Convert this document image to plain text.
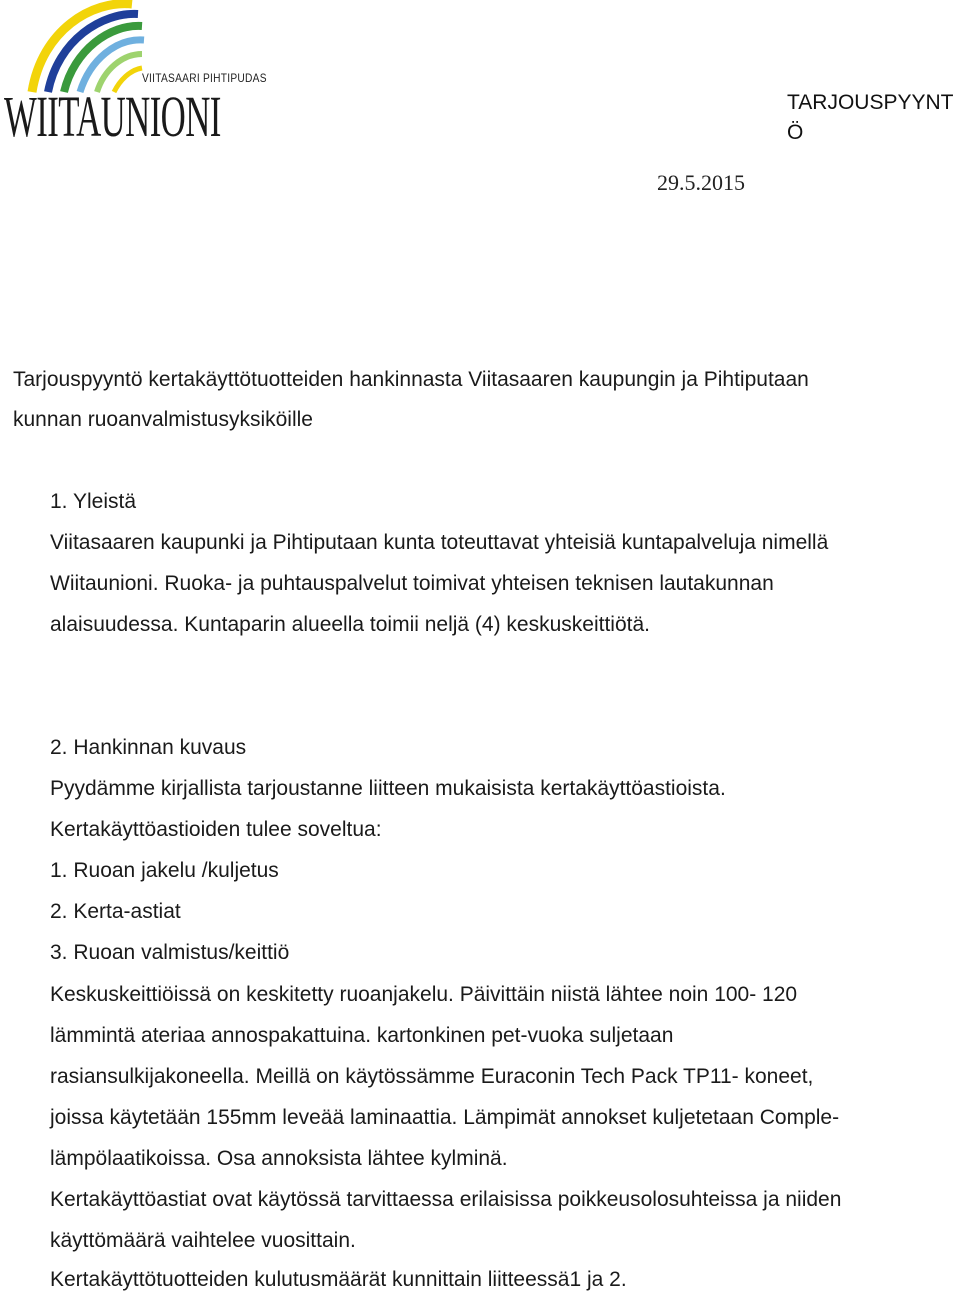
VIITASAARI PIHTIPUDAS
WIITAUNIONI	TARJOUSPYYNTÖ
29.5.2015
Tarjouspyyntö kertakäyttötuotteiden hankinnasta Viitasaaren kaupungin ja Pihtiputaan
kunnan ruoanvalmistusyksiköille
1. Yleistä
Viitasaaren kaupunki ja Pihtiputaan kunta toteuttavat yhteisiä kuntapalveluja nimellä
Wiitaunioni. Ruoka- ja puhtauspalvelut toimivat yhteisen teknisen lautakunnan
alaisuudessa. Kuntaparin alueella toimii neljä (4) keskuskeittiötä.
2. Hankinnan kuvaus
Pyydämme kirjallista tarjoustanne liitteen mukaisista kertakäyttöastioista.
Kertakäyttöastioiden tulee soveltua:
1. Ruoan jakelu /kuljetus
2. Kerta-astiat
3. Ruoan valmistus/keittiö
Keskuskeittiöissä on keskitetty ruoanjakelu. Päivittäin niistä lähtee noin 100- 120
lämmintä ateriaa annospakattuina. kartonkinen pet-vuoka suljetaan
rasiansulkijakoneella. Meillä on käytössämme Euraconin Tech Pack TP11- koneet,
joissa käytetään 155mm leveää laminaattia. Lämpimät annokset kuljetetaan Comple-
lämpölaatikoissa. Osa annoksista lähtee kylminä.
Kertakäyttöastiat ovat käytössä tarvittaessa erilaisissa poikkeusolosuhteissa ja niiden
käyttömäärä vaihtelee vuosittain.
Kertakäyttötuotteiden kulutusmäärät kunnittain liitteessä1 ja 2.
